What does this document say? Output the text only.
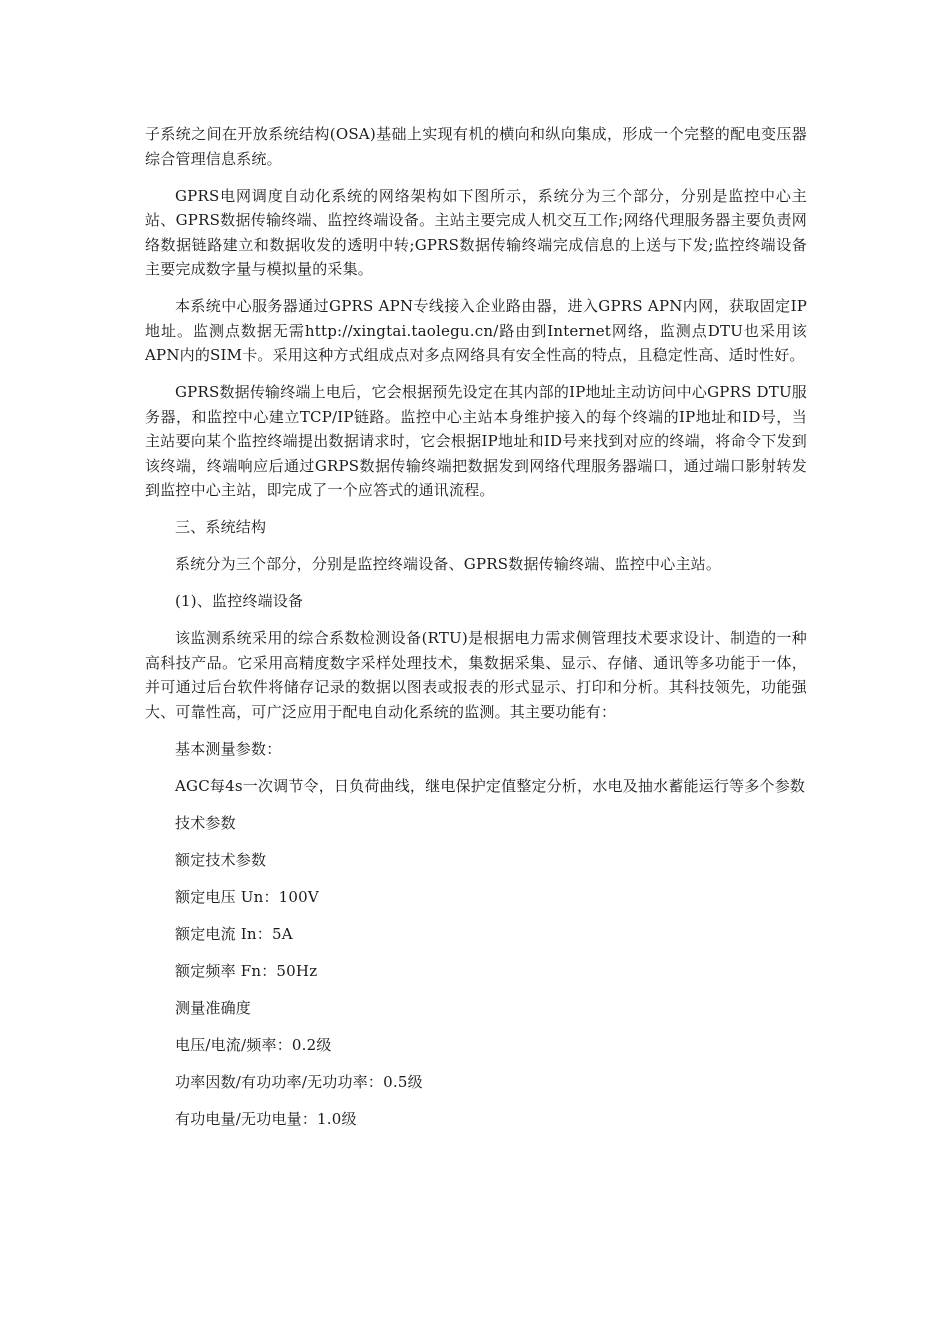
子系统之间在开放系统结构(OSA)基础上实现有机的横向和纵向集成，形成一个完整的配电变压器综合管理信息系统。

GPRS电网调度自动化系统的网络架构如下图所示，系统分为三个部分，分别是监控中心主站、GPRS数据传输终端、监控终端设备。主站主要完成人机交互工作;网络代理服务器主要负责网络数据链路建立和数据收发的透明中转;GPRS数据传输终端完成信息的上送与下发;监控终端设备主要完成数字量与模拟量的采集。

本系统中心服务器通过GPRS APN专线接入企业路由器，进入GPRS APN内网，获取固定IP地址。监测点数据无需http://xingtai.taolegu.cn/路由到Internet网络，监测点DTU也采用该APN内的SIM卡。采用这种方式组成点对多点网络具有安全性高的特点，且稳定性高、适时性好。

GPRS数据传输终端上电后，它会根据预先设定在其内部的IP地址主动访问中心GPRS DTU服务器，和监控中心建立TCP/IP链路。监控中心主站本身维护接入的每个终端的IP地址和ID号，当主站要向某个监控终端提出数据请求时，它会根据IP地址和ID号来找到对应的终端，将命令下发到该终端，终端响应后通过GRPS数据传输终端把数据发到网络代理服务器端口，通过端口影射转发到监控中心主站，即完成了一个应答式的通讯流程。

三、系统结构

系统分为三个部分，分别是监控终端设备、GPRS数据传输终端、监控中心主站。

(1)、监控终端设备

该监测系统采用的综合系数检测设备(RTU)是根据电力需求侧管理技术要求设计、制造的一种高科技产品。它采用高精度数字采样处理技术，集数据采集、显示、存储、通讯等多功能于一体，并可通过后台软件将储存记录的数据以图表或报表的形式显示、打印和分析。其科技领先，功能强大、可靠性高，可广泛应用于配电自动化系统的监测。其主要功能有：

基本测量参数：

AGC每4s一次调节令，日负荷曲线，继电保护定值整定分析，水电及抽水蓄能运行等多个参数

技术参数

额定技术参数

额定电压 Un：100V

额定电流 In：5A

额定频率 Fn：50Hz

测量准确度

电压/电流/频率：0.2级

功率因数/有功功率/无功功率：0.5级

有功电量/无功电量：1.0级
